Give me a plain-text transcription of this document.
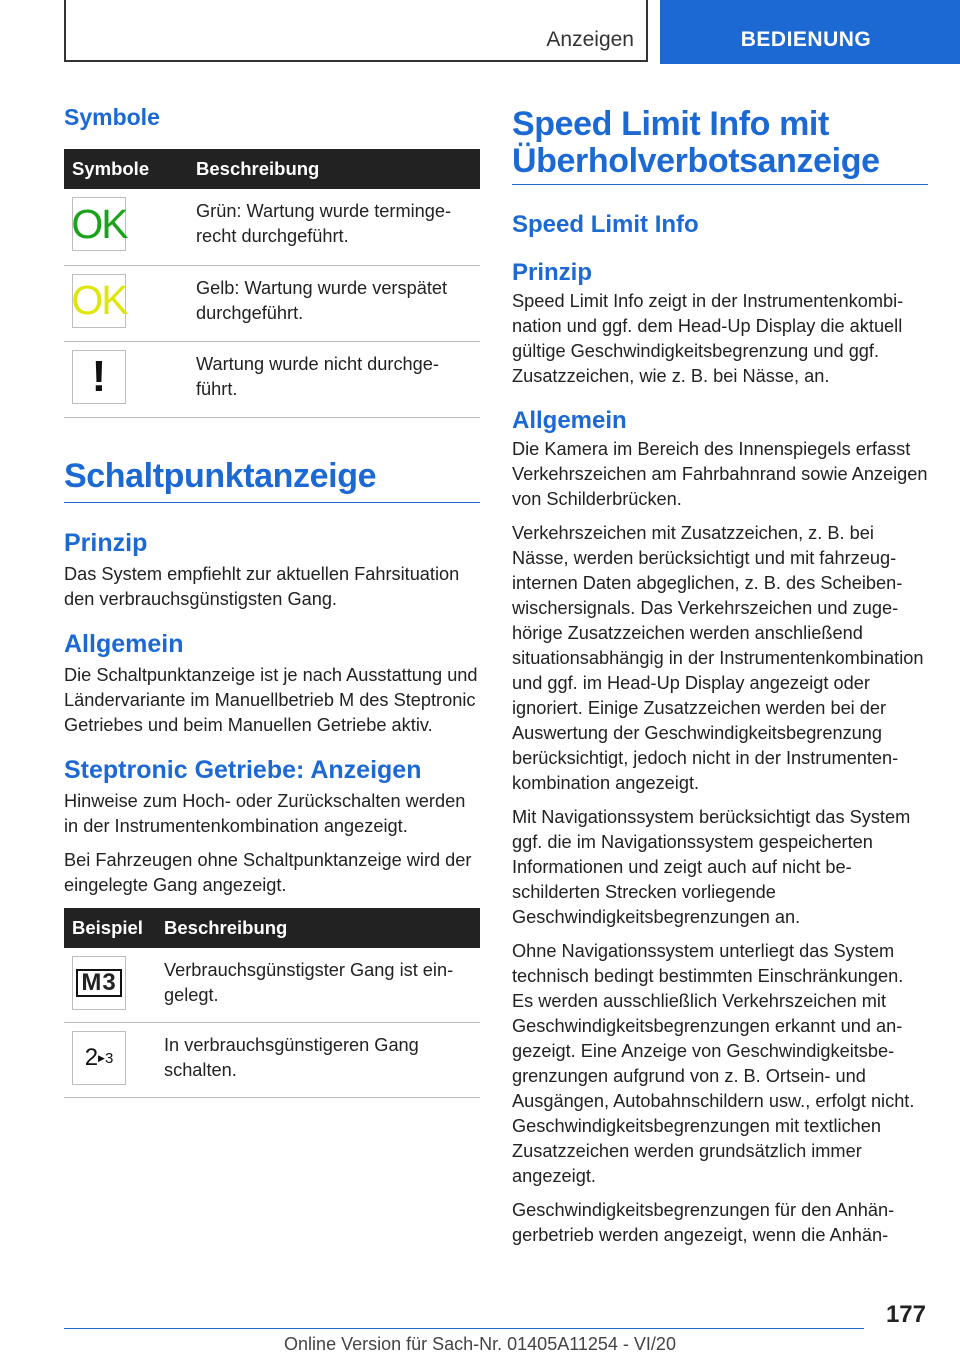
Anzeigen	BEDIENUNG
Symbole
Symbole	Beschreibung

OK	Grün: Wartung wurde termingerecht durchgeführt.

OK	Gelb: Wartung wurde verspätet durchgeführt.

!	Wartung wurde nicht durchgeführt.
Schaltpunktanzeige
Prinzip

Das System empfiehlt zur aktuellen Fahrsituation den verbrauchsgünstigsten Gang.

Allgemein

Die Schaltpunktanzeige ist je nach Ausstattung und Ländervariante im Manuellbetrieb M des Steptronic Getriebes und beim Manuellen Getriebe aktiv.

Steptronic Getriebe: Anzeigen

Hinweise zum Hoch- oder Zurückschalten werden in der Instrumentenkombination angezeigt.

Bei Fahrzeugen ohne Schaltpunktanzeige wird der eingelegte Gang angezeigt.

Beispiel	Beschreibung

M3	Verbrauchsgünstigster Gang ist eingelegt.

2▶3	In verbrauchsgünstigeren Gang schalten.
Speed Limit Info mit Überholverbotsanzeige
Speed Limit Info
Prinzip

Speed Limit Info zeigt in der Instrumentenkombination und ggf. dem Head-Up Display die aktuell gültige Geschwindigkeitsbegrenzung und ggf. Zusatzzeichen, wie z. B. bei Nässe, an.

Allgemein

Die Kamera im Bereich des Innenspiegels erfasst Verkehrszeichen am Fahrbahnrand sowie Anzeigen von Schilderbrücken.

Verkehrszeichen mit Zusatzzeichen, z. B. bei Nässe, werden berücksichtigt und mit fahrzeuginternen Daten abgeglichen, z. B. des Scheibenwischersignals. Das Verkehrszeichen und zugehörige Zusatzzeichen werden anschließend situationsabhängig in der Instrumentenkombination und ggf. im Head-Up Display angezeigt oder ignoriert. Einige Zusatzzeichen werden bei der Auswertung der Geschwindigkeitsbegrenzung berücksichtigt, jedoch nicht in der Instrumentenkombination angezeigt.

Mit Navigationssystem berücksichtigt das System ggf. die im Navigationssystem gespeicherten Informationen und zeigt auch auf nicht beschilderten Strecken vorliegende Geschwindigkeitsbegrenzungen an.

Ohne Navigationssystem unterliegt das System technisch bedingt bestimmten Einschränkungen. Es werden ausschließlich Verkehrszeichen mit Geschwindigkeitsbegrenzungen erkannt und angezeigt. Eine Anzeige von Geschwindigkeitsbegrenzungen aufgrund von z. B. Ortsein- und Ausgängen, Autobahnschildern usw., erfolgt nicht. Geschwindigkeitsbegrenzungen mit textlichen Zusatzzeichen werden grundsätzlich immer angezeigt.

Geschwindigkeitsbegrenzungen für den Anhängerbetrieb werden angezeigt, wenn die Anhän-

177
Online Version für Sach-Nr. 01405A11254 - VI/20
